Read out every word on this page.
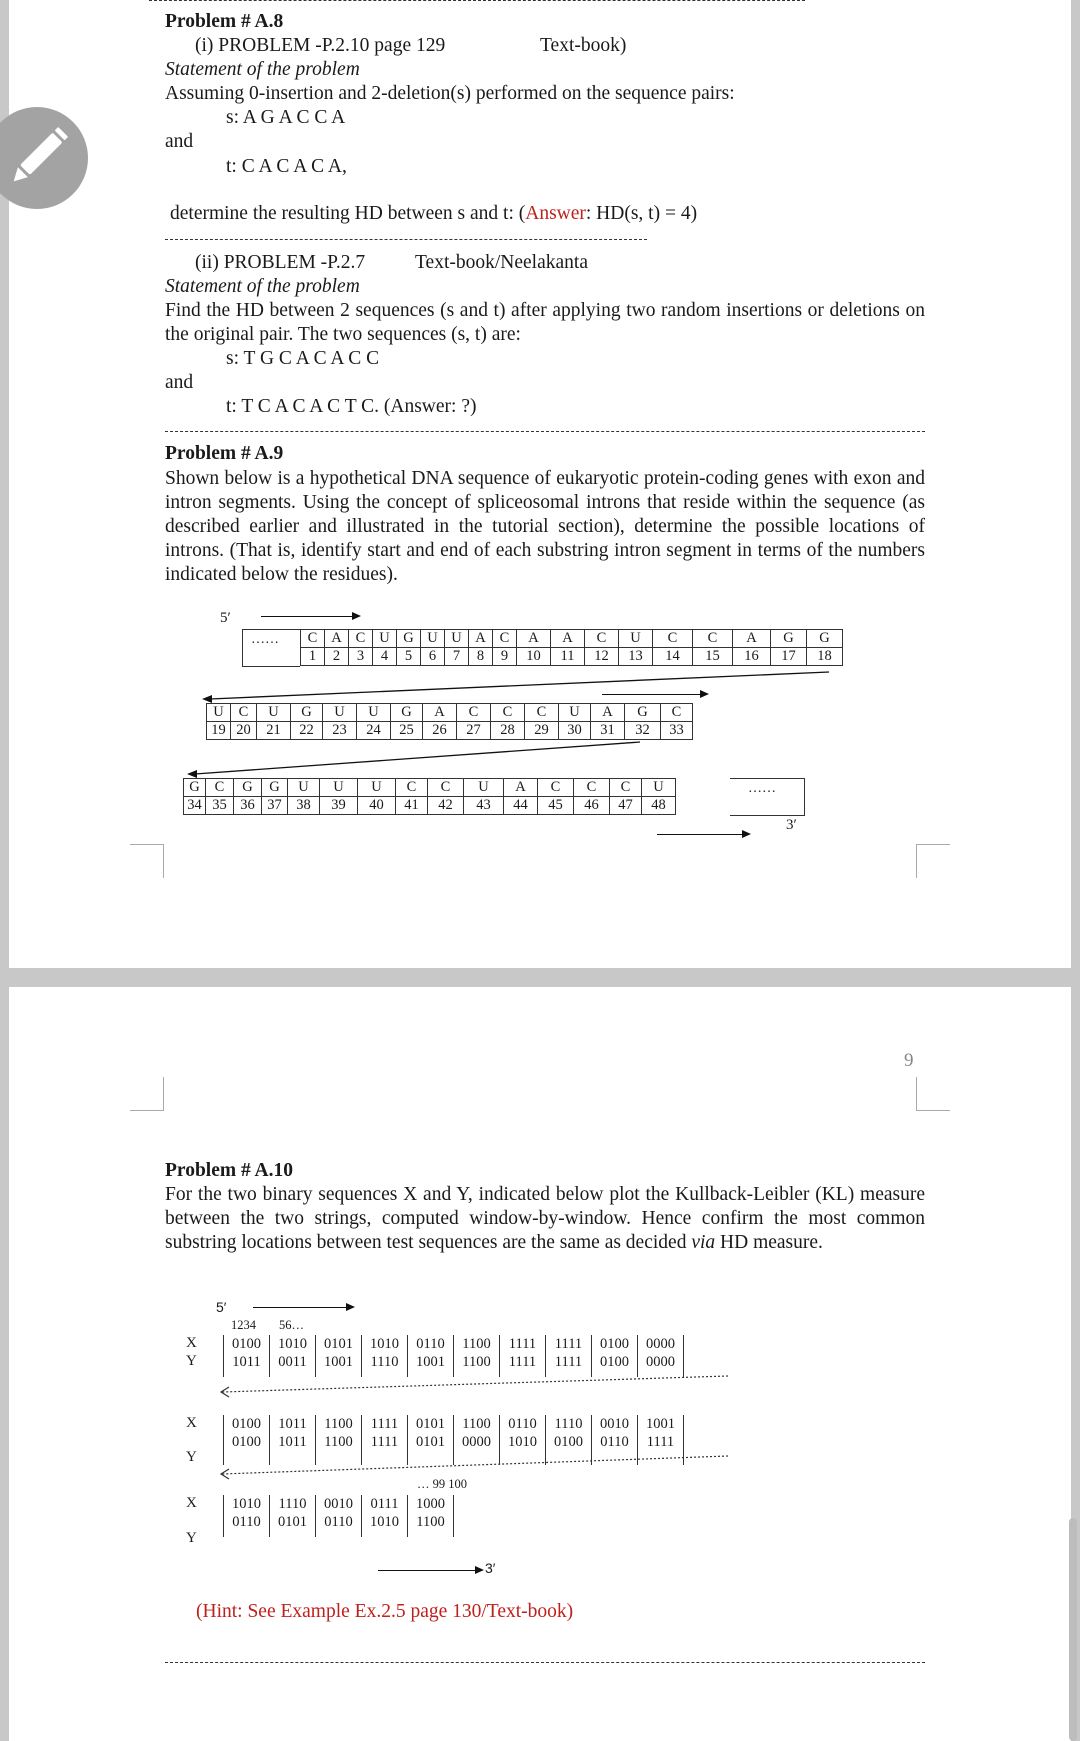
Problem # A.8
(i) PROBLEM -P.2.10 page 129	Text-book)
Statement of the problem
Assuming 0-insertion and 2-deletion(s) performed on the sequence pairs:
s: A G A C C A
and
t: C A C A C A,
determine the resulting HD between s and t: (Answer: HD(s, t) = 4)
(ii) PROBLEM -P.2.7	Text-book/Neelakanta
Statement of the problem
Find the HD between 2 sequences (s and t) after applying two random insertions or deletions on the original pair. The two sequences (s, t) are:
s: T G C A C A C C
and
t: T C A C A C T C. (Answer: ?)
Problem # A.9
Shown below is a hypothetical DNA sequence of eukaryotic protein-coding genes with exon and intron segments. Using the concept of spliceosomal introns that reside within the sequence (as described earlier and illustrated in the tutorial section), determine the possible locations of introns. (That is, identify start and end of each substring intron segment in terms of the numbers indicated below the residues).
5′
…… C	A	C	U	G	U	U	A	C	A	A	C	U	C	C	A	G	G
1	2	3	4	5	6	7	8	9	10	11	12	13	14	15	16	17	18
U	C	U	G	U	U	G	A	C	C	C	U	A	G	C
19	20	21	22	23	24	25	26	27	28	29	30	31	32	33
G	C	G	G	U	U	U	C	C	U	A	C	C	C	U
34	35	36	37	38	39	40	41	42	43	44	45	46	47	48
……
3′
9
Problem # A.10
For the two binary sequences X and Y, indicated below plot the Kullback-Leibler (KL) measure between the two strings, computed window-by-window. Hence confirm the most common substring locations between test sequences are the same as decided via HD measure.
5′
1234 56…
X
Y
0100	1010	0101	1010	0110	1100	1111	1111	0100	0000
1011	0011	1001	1110	1001	1100	1111	1111	0100	0000

X
Y
0100	1011	1100	1111	0101	1100	0110	1110	0010	1001
0100	1011	1100	1111	0101	0000	1010	0100	0110	1111

… 99 100
X
Y
1010	1110	0010	0111	1000
0110	0101	0110	1010	1100

3′
(Hint: See Example Ex.2.5 page 130/Text-book)
